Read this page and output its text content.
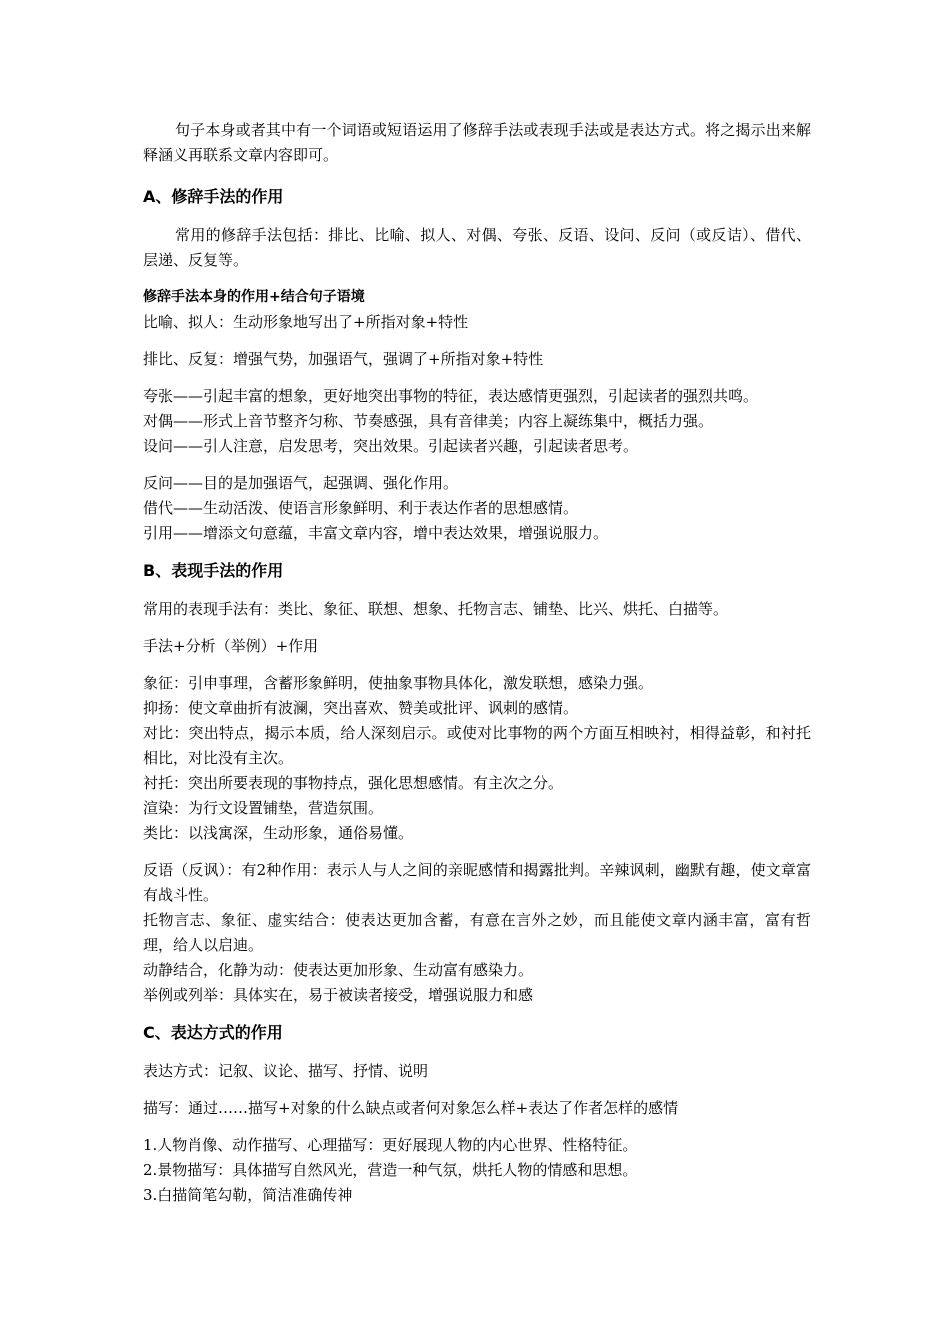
句子本身或者其中有一个词语或短语运用了修辞手法或表现手法或是表达方式。将之揭示出来解释涵义再联系文章内容即可。

A、修辞手法的作用

常用的修辞手法包括：排比、比喻、拟人、对偶、夸张、反语、设问、反问（或反诘）、借代、层递、反复等。

修辞手法本身的作用+结合句子语境

比喻、拟人：生动形象地写出了+所指对象+特性

排比、反复：增强气势，加强语气，强调了+所指对象+特性

夸张——引起丰富的想象，更好地突出事物的特征，表达感情更强烈，引起读者的强烈共鸣。

对偶——形式上音节整齐匀称、节奏感强，具有音律美；内容上凝练集中，概括力强。

设问——引人注意，启发思考，突出效果。引起读者兴趣，引起读者思考。

反问——目的是加强语气，起强调、强化作用。

借代——生动活泼、使语言形象鲜明、利于表达作者的思想感情。

引用——增添文句意蕴，丰富文章内容，增中表达效果，增强说服力。

B、表现手法的作用

常用的表现手法有：类比、象征、联想、想象、托物言志、铺垫、比兴、烘托、白描等。

手法+分析（举例）+作用

象征：引申事理，含蓄形象鲜明，使抽象事物具体化，激发联想，感染力强。

抑扬：使文章曲折有波澜，突出喜欢、赞美或批评、讽刺的感情。

对比：突出特点，揭示本质，给人深刻启示。或使对比事物的两个方面互相映衬，相得益彰，和衬托相比，对比没有主次。

衬托：突出所要表现的事物持点，强化思想感情。有主次之分。

渲染：为行文设置铺垫，营造氛围。

类比：以浅寓深，生动形象，通俗易懂。

反语（反讽）：有2种作用：表示人与人之间的亲昵感情和揭露批判。辛辣讽刺，幽默有趣，使文章富有战斗性。

托物言志、象征、虚实结合：使表达更加含蓄，有意在言外之妙，而且能使文章内涵丰富，富有哲理，给人以启迪。

动静结合，化静为动：使表达更加形象、生动富有感染力。

举例或列举：具体实在，易于被读者接受，增强说服力和感

C、表达方式的作用

表达方式：记叙、议论、描写、抒情、说明

描写：通过……描写+对象的什么缺点或者何对象怎么样+表达了作者怎样的感情

1.人物肖像、动作描写、心理描写：更好展现人物的内心世界、性格特征。

2.景物描写：具体描写自然风光，营造一种气氛，烘托人物的情感和思想。

3.白描简笔勾勒，简洁准确传神
